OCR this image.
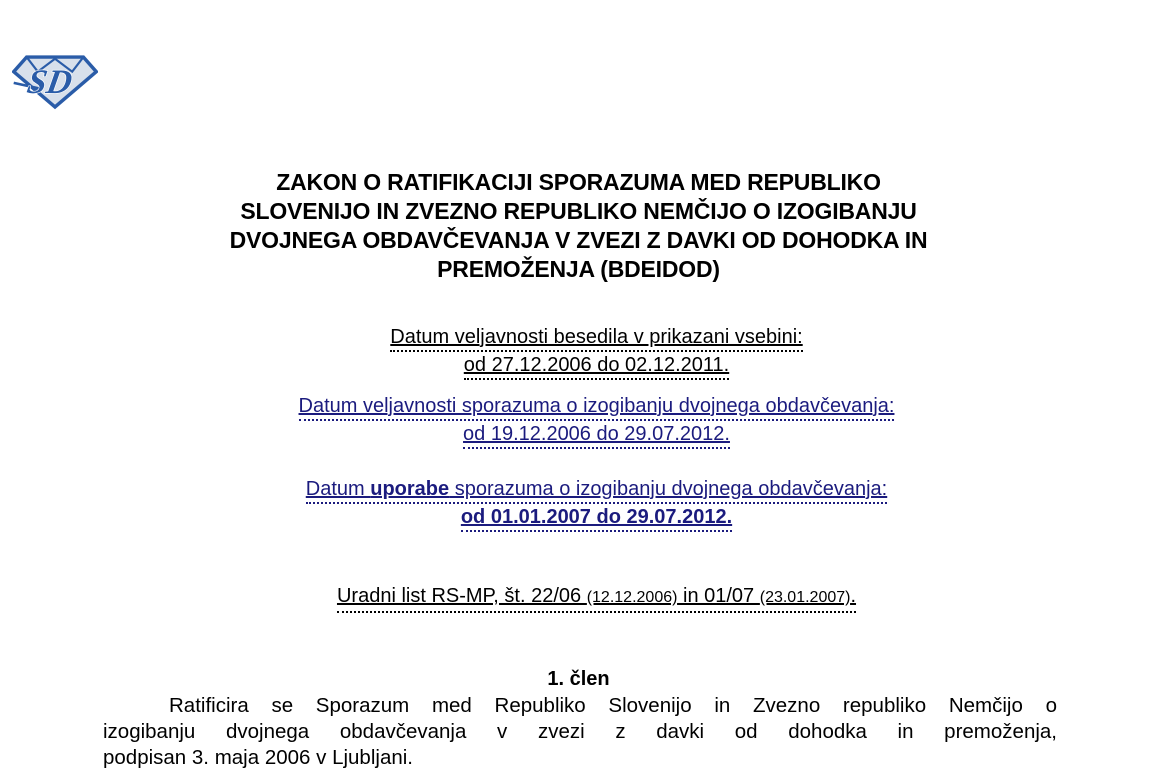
SD
ZAKON O RATIFIKACIJI SPORAZUMA MED REPUBLIKO
SLOVENIJO IN ZVEZNO REPUBLIKO NEMČIJO O IZOGIBANJU
DVOJNEGA OBDAVČEVANJA V ZVEZI Z DAVKI OD DOHODKA IN
PREMOŽENJA (BDEIDOD)
Datum veljavnosti besedila v prikazani vsebini:
od 27.12.2006 do 02.12.2011.
Datum veljavnosti sporazuma o izogibanju dvojnega obdavčevanja:
od 19.12.2006 do 29.07.2012.
Datum uporabe sporazuma o izogibanju dvojnega obdavčevanja:
od 01.01.2007 do 29.07.2012.
Uradni list RS-MP, št. 22/06 (12.12.2006) in 01/07 (23.01.2007).
1. člen
Ratificira se Sporazum med Republiko Slovenijo in Zvezno republiko Nemčijo o
izogibanju dvojnega obdavčevanja v zvezi z davki od dohodka in premoženja,
podpisan 3. maja 2006 v Ljubljani.
